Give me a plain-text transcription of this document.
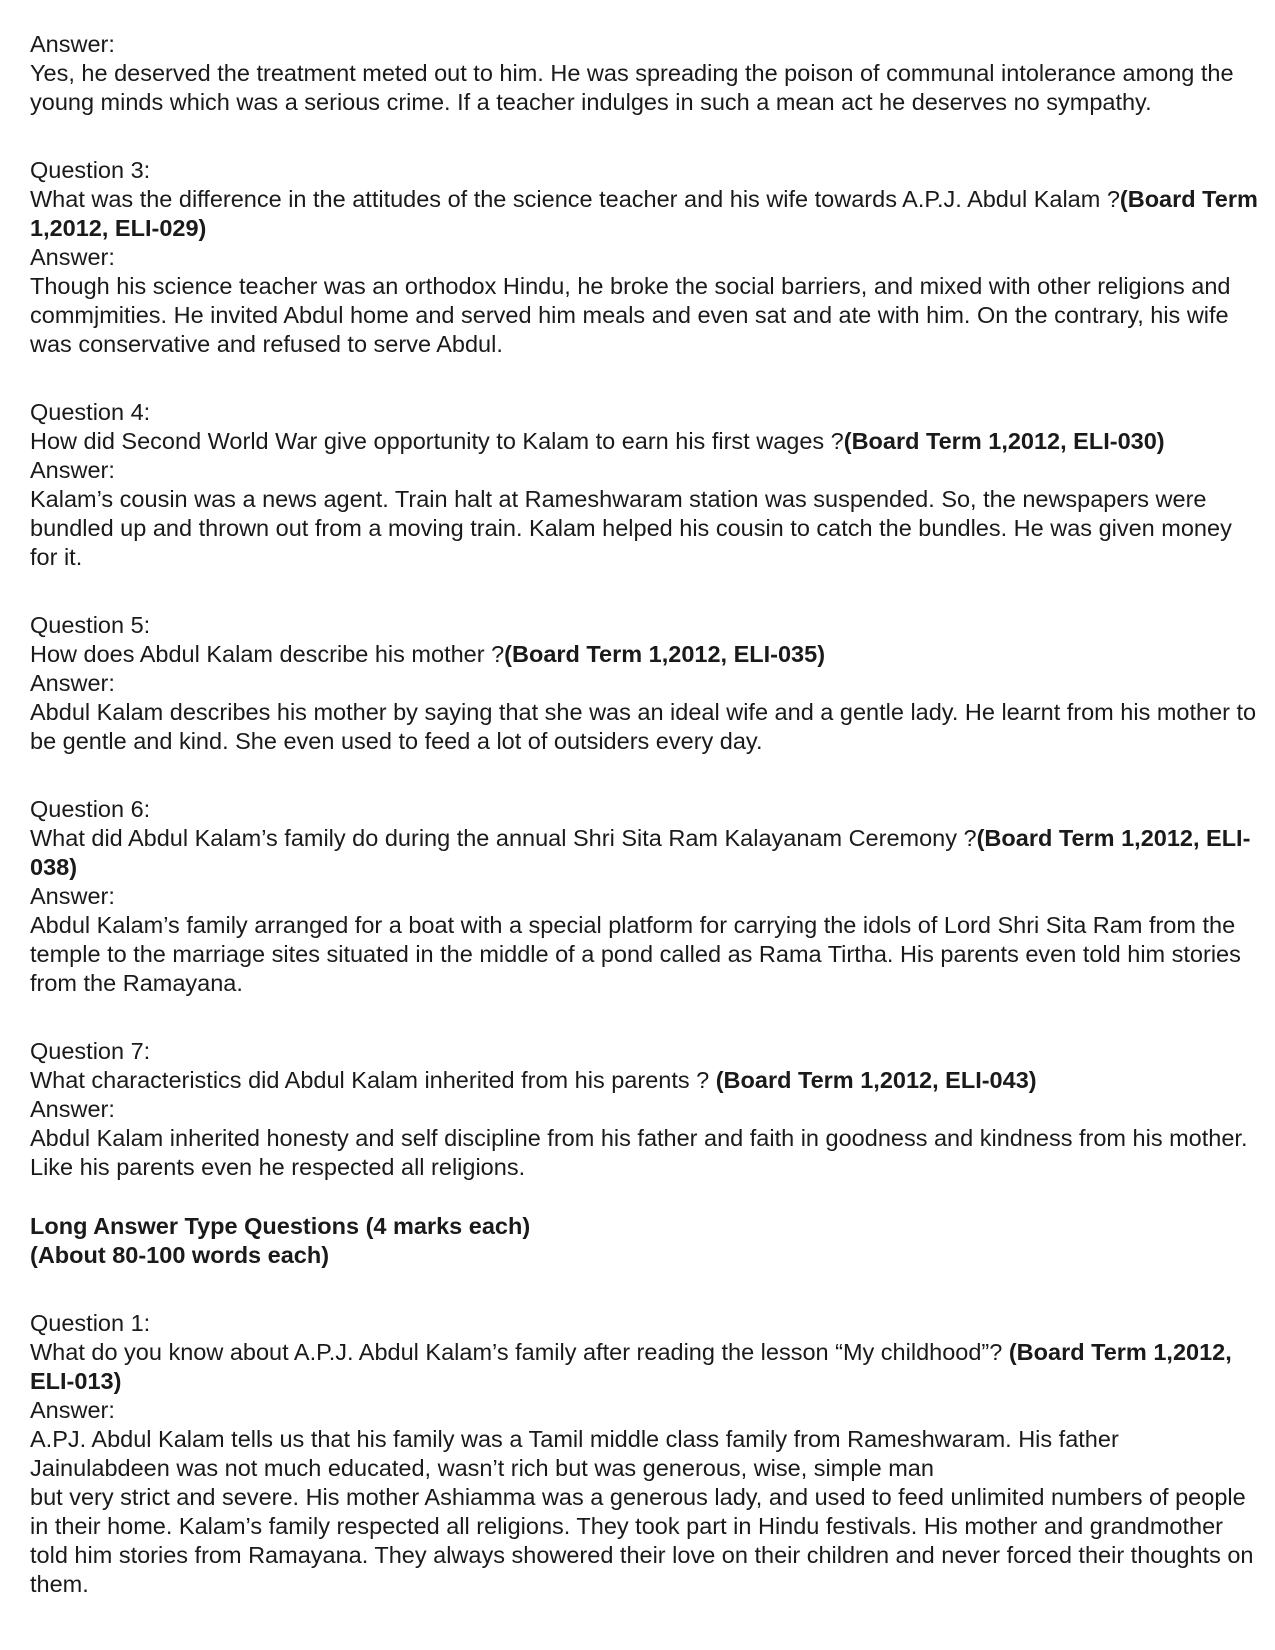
Answer:
Yes, he deserved the treatment meted out to him. He was spreading the poison of communal intolerance among the young minds which was a serious crime. If a teacher indulges in such a mean act he deserves no sympathy.
Question 3:
What was the difference in the attitudes of the science teacher and his wife towards A.P.J. Abdul Kalam ?(Board Term 1,2012, ELI-029)
Answer:
Though his science teacher was an orthodox Hindu, he broke the social barriers, and mixed with other religions and commjmities. He invited Abdul home and served him meals and even sat and ate with him. On the contrary, his wife was conservative and refused to serve Abdul.
Question 4:
How did Second World War give opportunity to Kalam to earn his first wages ?(Board Term 1,2012, ELI-030)
Answer:
Kalam’s cousin was a news agent. Train halt at Rameshwaram station was suspended. So, the newspapers were bundled up and thrown out from a moving train. Kalam helped his cousin to catch the bundles. He was given money for it.
Question 5:
How does Abdul Kalam describe his mother ?(Board Term 1,2012, ELI-035)
Answer:
Abdul Kalam describes his mother by saying that she was an ideal wife and a gentle lady. He learnt from his mother to be gentle and kind. She even used to feed a lot of outsiders every day.
Question 6:
What did Abdul Kalam’s family do during the annual Shri Sita Ram Kalayanam Ceremony ?(Board Term 1,2012, ELI-038)
Answer:
Abdul Kalam’s family arranged for a boat with a special platform for carrying the idols of Lord Shri Sita Ram from the temple to the marriage sites situated in the middle of a pond called as Rama Tirtha. His parents even told him stories from the Ramayana.
Question 7:
What characteristics did Abdul Kalam inherited from his parents ? (Board Term 1,2012, ELI-043)
Answer:
Abdul Kalam inherited honesty and self discipline from his father and faith in goodness and kindness from his mother. Like his parents even he respected all religions.
Long Answer Type Questions (4 marks each)
(About 80-100 words each)
Question 1:
What do you know about A.P.J. Abdul Kalam’s family after reading the lesson “My childhood”? (Board Term 1,2012, ELI-013)
Answer:
A.PJ. Abdul Kalam tells us that his family was a Tamil middle class family from Rameshwaram. His father Jainulabdeen was not much educated, wasn’t rich but was generous, wise, simple man
but very strict and severe. His mother Ashiamma was a generous lady, and used to feed unlimited numbers of people in their home. Kalam’s family respected all religions. They took part in Hindu festivals. His mother and grandmother told him stories from Ramayana. They always showered their love on their children and never forced their thoughts on them.
